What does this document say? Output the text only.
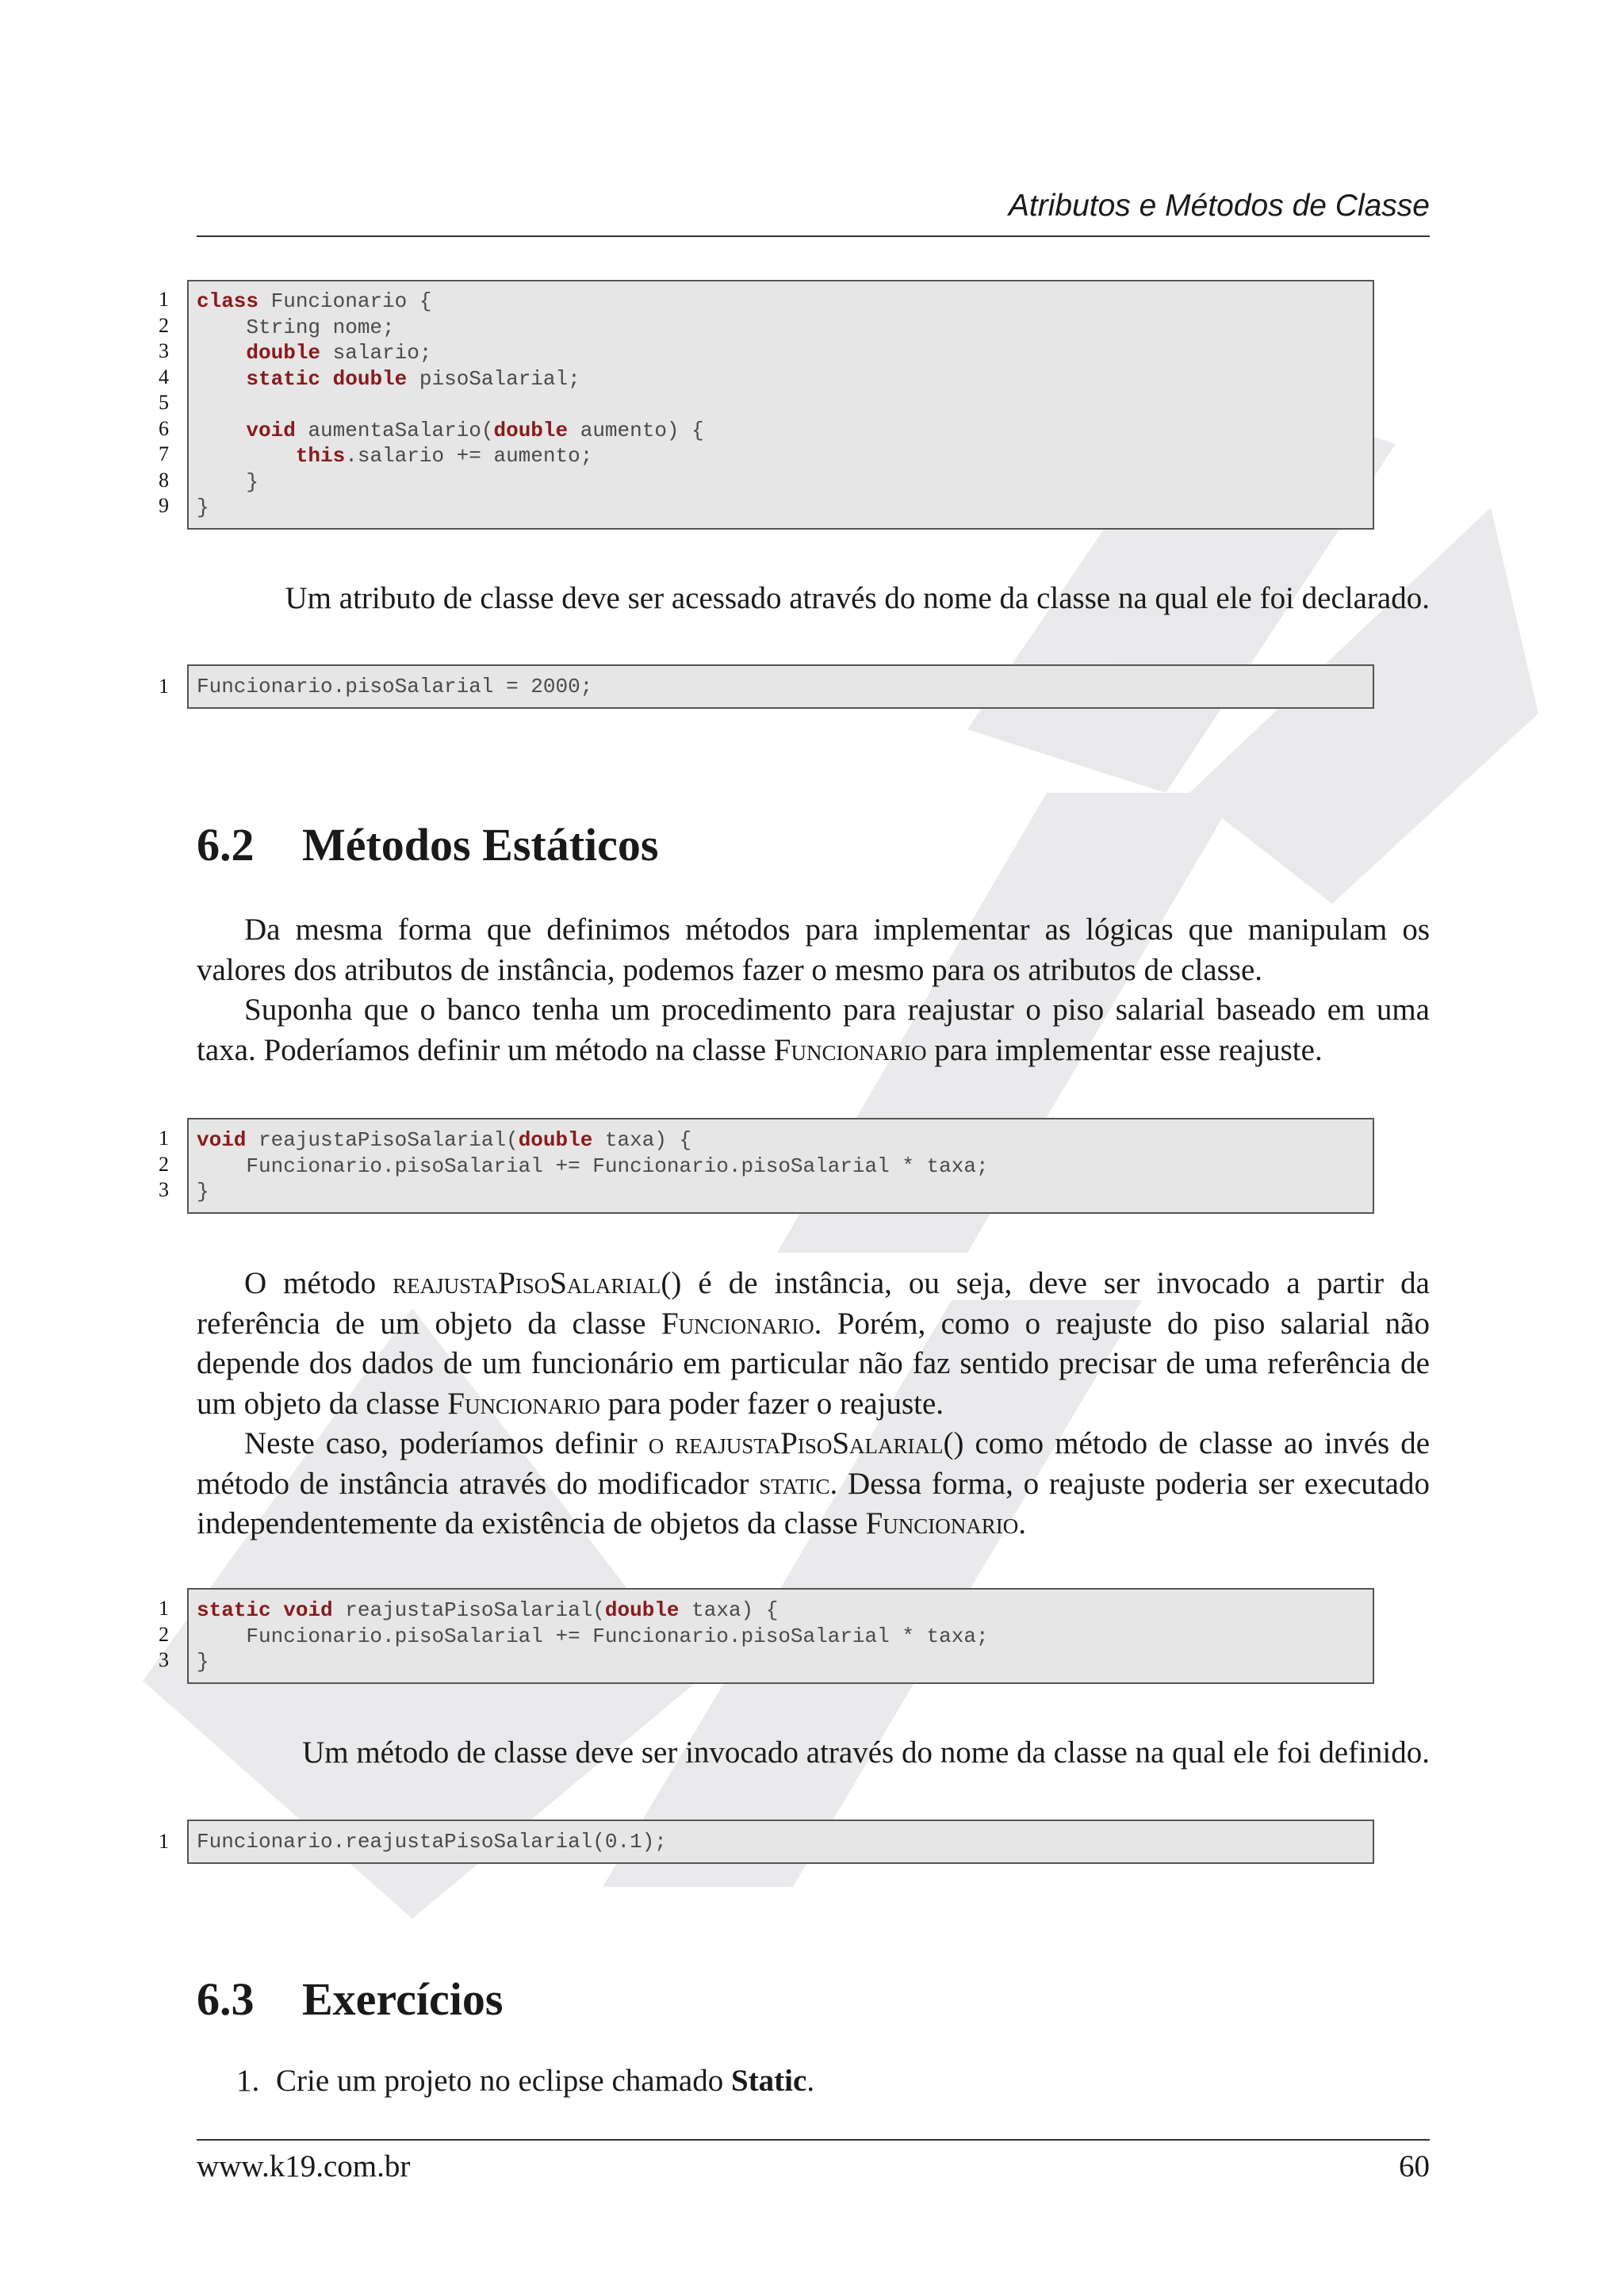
Atributos e Métodos de Classe
1
2
3
4
5
6
7
8
9
class Funcionario {
String nome;
double salario;
static double pisoSalarial;

void aumentaSalario(double aumento) {
this.salario += aumento;
}
}

Um atributo de classe deve ser acessado através do nome da classe na qual ele foi declarado.

1	Funcionario.pisoSalarial = 2000;
6.2 Métodos Estáticos

Da mesma forma que definimos métodos para implementar as lógicas que manipulam os valores dos atributos de instância, podemos fazer o mesmo para os atributos de classe.

Suponha que o banco tenha um procedimento para reajustar o piso salarial baseado em uma taxa. Poderíamos definir um método na classe Funcionario para implementar esse reajuste.

1
2
3
void reajustaPisoSalarial(double taxa) {
Funcionario.pisoSalarial += Funcionario.pisoSalarial * taxa;
}

O método reajustaPisoSalarial() é de instância, ou seja, deve ser invocado a partir da referência de um objeto da classe Funcionario. Porém, como o reajuste do piso salarial não depende dos dados de um funcionário em particular não faz sentido precisar de uma referência de um objeto da classe Funcionario para poder fazer o reajuste.

Neste caso, poderíamos definir o reajustaPisoSalarial() como método de classe ao invés de método de instância através do modificador static. Dessa forma, o reajuste poderia ser executado independentemente da existência de objetos da classe Funcionario.

1
2
3
static void reajustaPisoSalarial(double taxa) {
Funcionario.pisoSalarial += Funcionario.pisoSalarial * taxa;
}

Um método de classe deve ser invocado através do nome da classe na qual ele foi definido.

1	Funcionario.reajustaPisoSalarial(0.1);
6.3 Exercícios
1. Crie um projeto no eclipse chamado Static.
www.k19.com.br	60
